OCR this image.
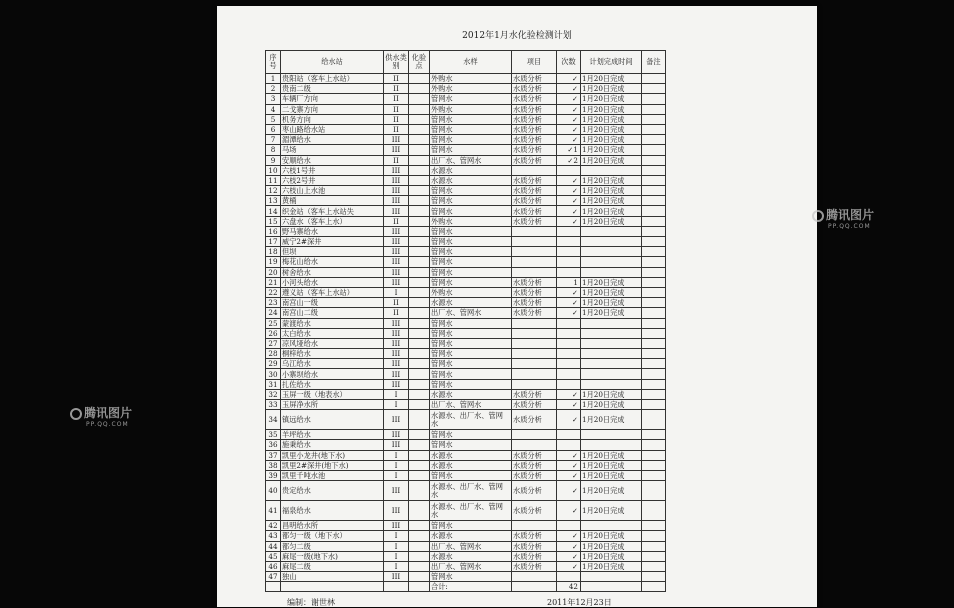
2012年1月水化验检测计划
序号	给水站	供水类别	化验点	水样	项目	次数	计划完成时间	备注
1	贵阳站（客车上水站）	II		外购水	水质分析	✓	1月20日完成	
2	贵南二级	II		外购水	水质分析	✓	1月20日完成	
3	车辆厂方向	II		管网水	水质分析	✓	1月20日完成	
4	二戈寨方向	II		外购水	水质分析	✓	1月20日完成	
5	机务方向	II		管网水	水质分析	✓	1月20日完成	
6	枣山路给水站	II		管网水	水质分析	✓	1月20日完成	
7	湄潭给水	III		管网水	水质分析	✓	1月20日完成	
8	马场	III		管网水	水质分析	✓1	1月20日完成	
9	安顺给水	II		出厂水、管网水	水质分析	✓2	1月20日完成	
10	六枝1号井	III		水源水				
11	六枝2号井	III		水源水	水质分析	✓	1月20日完成	
12	六枝山上水池	III		管网水	水质分析	✓	1月20日完成	
13	黄桶	III		管网水	水质分析	✓	1月20日完成	
14	织金站（客车上水站失	III		管网水	水质分析	✓	1月20日完成	
15	六盘水（客车上水）	II		外购水	水质分析	✓	1月20日完成	
16	野马寨给水	III		管网水				
17	威宁2#深井	III		管网水				
18	但坝	III		管网水				
19	梅花山给水	III		管网水				
20	树舍给水	III		管网水				
21	小河头给水	III		管网水	水质分析	1	1月20日完成	
22	遵义站（客车上水站）	I		外购水	水质分析	✓	1月20日完成	
23	南宫山一级	II		水源水	水质分析	✓	1月20日完成	
24	南宫山二级	II		出厂水、管网水	水质分析	✓	1月20日完成	
25	蒙渡给水	III		管网水				
26	太白给水	III		管网水				
27	凉风垭给水	III		管网水				
28	桐梓给水	III		管网水				
29	乌江给水	III		管网水				
30	小寨坝给水	III		管网水				
31	扎佐给水	III		管网水				
32	玉屏一级（地表水）	I		水源水	水质分析	✓	1月20日完成	
33	玉屏净水所	I		出厂水、管网水	水质分析	✓	1月20日完成	
34	镇远给水	III		水源水、出厂水、管网水	水质分析	✓	1月20日完成	
35	羊坪给水	III		管网水				
36	施秉给水	III		管网水				
37	凯里小龙井(地下水)	I		水源水	水质分析	✓	1月20日完成	
38	凯里2#深井(地下水)	I		水源水	水质分析	✓	1月20日完成	
39	凯里千吨水池	I		管网水	水质分析	✓	1月20日完成	
40	贵定给水	III		水源水、出厂水、管网水	水质分析	✓	1月20日完成	
41	福泉给水	III		水源水、出厂水、管网水	水质分析	✓	1月20日完成	
42	昌明给水所	III		管网水				
43	都匀一级（地下水）	I		水源水	水质分析	✓	1月20日完成	
44	都匀二级	I		出厂水、管网水	水质分析	✓	1月20日完成	
45	麻尾一级(地下水)	I		水源水	水质分析	✓	1月20日完成	
46	麻尾二级	I		出厂水、管网水	水质分析	✓	1月20日完成	
47	独山	III		管网水				
				合计:		42		
编制：谢世林	2011年12月23日
腾讯图片
PP.QQ.COM
腾讯图片
PP.QQ.COM
